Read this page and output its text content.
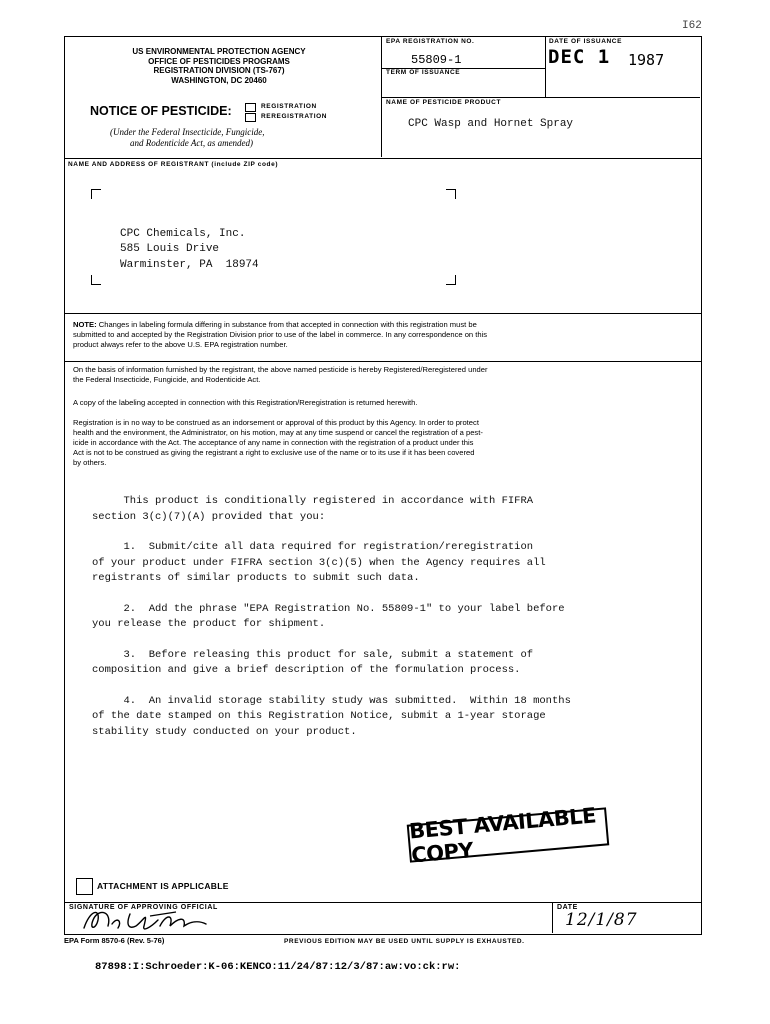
I62
US ENVIRONMENTAL PROTECTION AGENCY
OFFICE OF PESTICIDES PROGRAMS
REGISTRATION DIVISION (TS-767)
WASHINGTON, DC 20460
NOTICE OF PESTICIDE:	REGISTRATION
REREGISTRATION
(Under the Federal Insecticide, Fungicide,
and Rodenticide Act, as amended)
EPA REGISTRATION NO.
55809-1
TERM OF ISSUANCE
DATE OF ISSUANCE
DEC 1 1987
NAME OF PESTICIDE PRODUCT
CPC Wasp and Hornet Spray
NAME AND ADDRESS OF REGISTRANT (include ZIP code)
CPC Chemicals, Inc.
585 Louis Drive
Warminster, PA  18974
NOTE: Changes in labeling formula differing in substance from that accepted in connection with this registration must be
submitted to and accepted by the Registration Division prior to use of the label in commerce. In any correspondence on this
product always refer to the above U.S. EPA registration number.
On the basis of information furnished by the registrant, the above named pesticide is hereby Registered/Reregistered under
the Federal Insecticide, Fungicide, and Rodenticide Act.
A copy of the labeling accepted in connection with this Registration/Reregistration is returned herewith.
Registration is in no way to be construed as an indorsement or approval of this product by this Agency. In order to protect
health and the environment, the Administrator, on his motion, may at any time suspend or cancel the registration of a pest-
icide in accordance with the Act. The acceptance of any name in connection with the registration of a product under this
Act is not to be construed as giving the registrant a right to exclusive use of the name or to its use if it has been covered
by others.
This product is conditionally registered in accordance with FIFRA
section 3(c)(7)(A) provided that you:
1.  Submit/cite all data required for registration/reregistration
of your product under FIFRA section 3(c)(5) when the Agency requires all
registrants of similar products to submit such data.
2.  Add the phrase "EPA Registration No. 55809-1" to your label before
you release the product for shipment.
3.  Before releasing this product for sale, submit a statement of
composition and give a brief description of the formulation process.
4.  An invalid storage stability study was submitted.  Within 18 months
of the date stamped on this Registration Notice, submit a 1-year storage
stability study conducted on your product.
BEST AVAILABLE COPY
ATTACHMENT IS APPLICABLE
SIGNATURE OF APPROVING OFFICIAL	DATE
12/1/87
EPA Form 8570-6 (Rev. 5-76)	PREVIOUS EDITION MAY BE USED UNTIL SUPPLY IS EXHAUSTED.
87898:I:Schroeder:K-06:KENCO:11/24/87:12/3/87:aw:vo:ck:rw:
